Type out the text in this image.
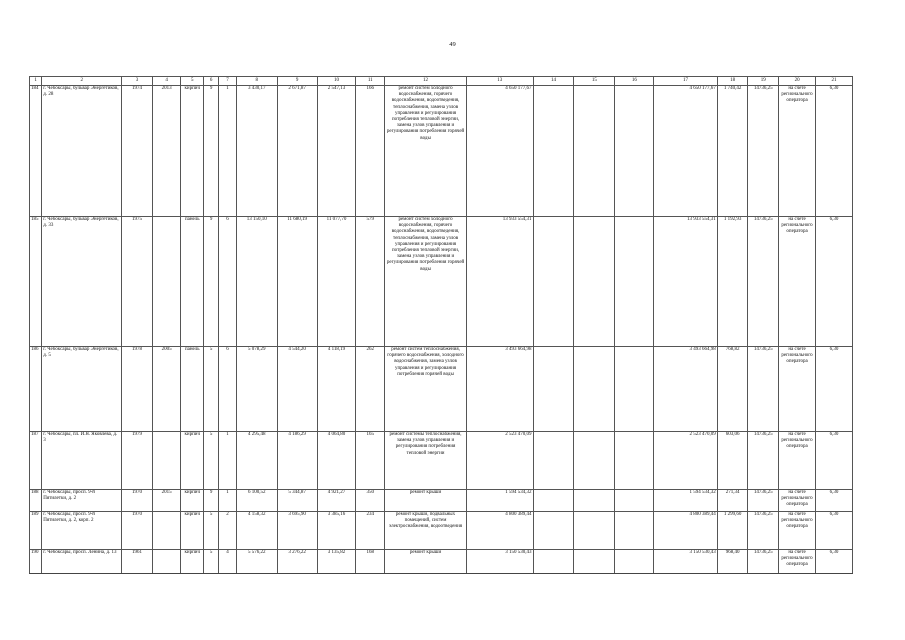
49
1	2	3	4	5	6	7	8	9	10	11	12	13	14	15	16	17	18	19	20	21
184	г. Чебоксары, бульвар Энергетиков, д. 28	1974	2013	кирпич	9	1	3 430,17	2 671,87	2 547,13	166	ремонт систем холодного водоснабжения, горячего водоснабжения, водоотведения, теплоснабжения, замена узлов управления и регулирования потребления тепловой энергии, замена узлов управления и регулирования потребления горячей воды	4 650 177,67				4 650 177,67	1 740,42	14736,25	на счете регионального оператора	6,30
185	г. Чебоксары, бульвар Энергетиков, д. 33	1975		панель	9	6	13 150,10	11 680,19	11 077,70	579	ремонт систем холодного водоснабжения, горячего водоснабжения, водоотведения, теплоснабжения, замена узлов управления и регулирования потребления тепловой энергии, замена узлов управления и регулирования потребления горячей воды	13 933 554,31				13 933 554,31	1 192,93	14736,25	на счете регионального оператора	6,30
186	г. Чебоксары, бульвар Энергетиков, д. 5	1978	2005	панель	5	6	5 078,29	4 544,20	4 118,19	262	ремонт систем теплоснабжения, горячего водоснабжения, холодного водоснабжения, замена узлов управления и регулирования потребления горячей воды	3 493 664,98				3 493 664,98	768,82	14736,25	на счете регионального оператора	6,30
187	г. Чебоксары, пл. И.Я. Яковлева, д. 3	1979		кирпич	5	1	4 295,48	4 186,29	4 064,80	165	ремонт системы теплоснабжения, замена узлов управления и регулирования потребления тепловой энергии	2 523 470,09				2 523 470,09	603,06	14736,25	на счете регионального оператора	6,30
188	г. Чебоксары, просп. 9-й Пятилетки, д. 2	1970	2015	кирпич	9	1	6 100,52	5 344,87	4 921,27	350	ремонт крыши	1 594 534,32				1 594 534,32	271,34	14736,25	на счете регионального оператора	6,30
189	г. Чебоксары, просп. 9-й Пятилетки, д. 2, корп. 2	1970		кирпич	5	2	4 158,32	3 695,90	3 385,16	234	ремонт крыши, подвальных помещений, систем электроснабжения, водоотведения	4 800 389,44				4 800 389,44	1 299,60	14736,25	на счете регионального оператора	6,30
190	г. Чебоксары, просп. Ленина, д. 13	1961		кирпич	5	4	5 576,22	3 276,22	3 135,82	168	ремонт крыши	3 150 530,43				3 150 530,43	968,40	14736,25	на счете регионального оператора	6,30
